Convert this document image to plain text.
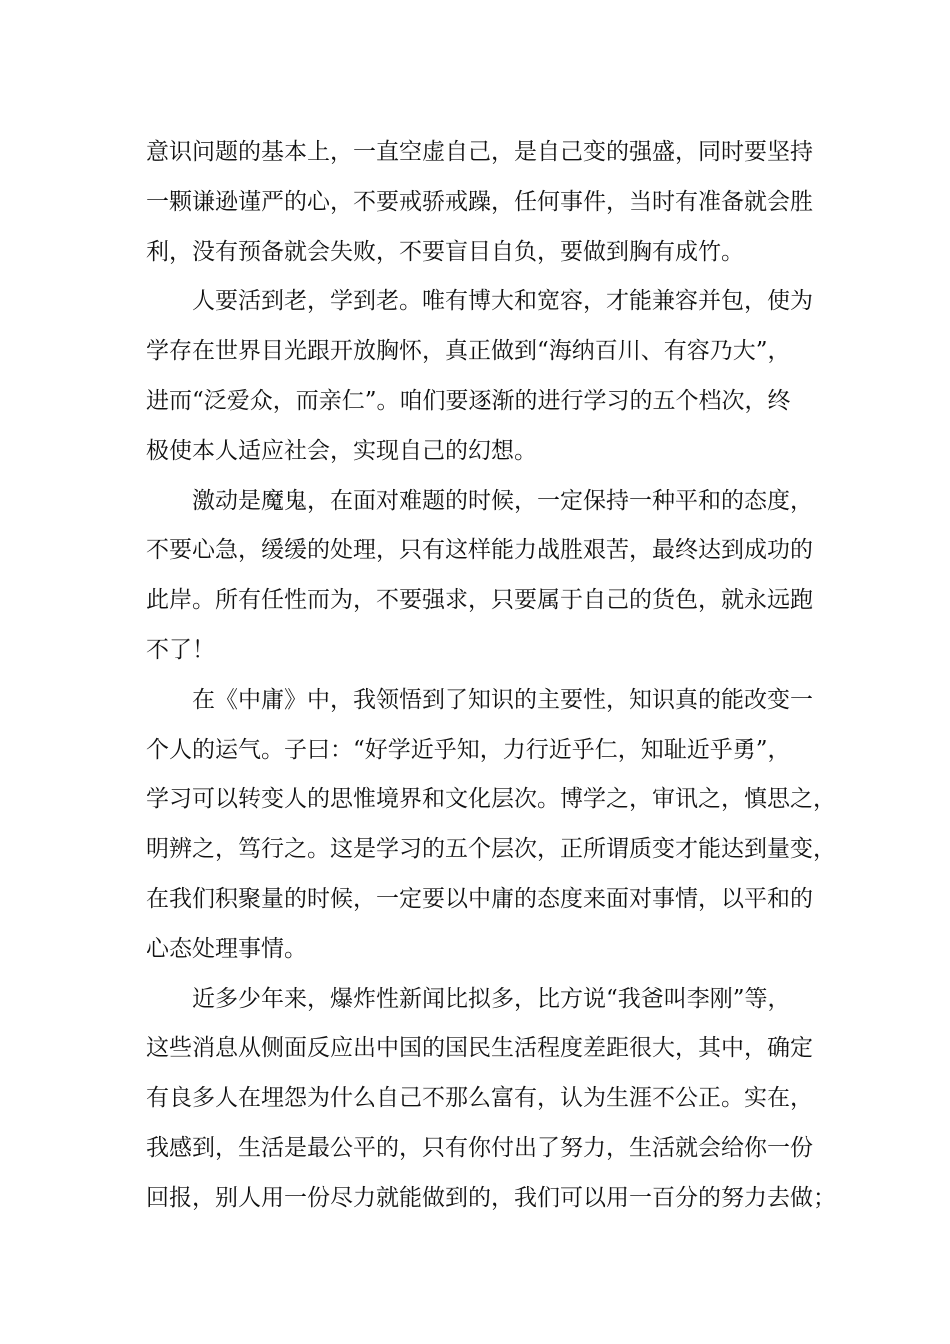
意识问题的基本上，一直空虚自己，是自己变的强盛，同时要坚持
一颗谦逊谨严的心，不要戒骄戒躁，任何事件，当时有准备就会胜
利，没有预备就会失败，不要盲目自负，要做到胸有成竹。
人要活到老，学到老。唯有博大和宽容，才能兼容并包，使为
学存在世界目光跟开放胸怀，真正做到“海纳百川、有容乃大”，
进而“泛爱众，而亲仁”。咱们要逐渐的进行学习的五个档次，终
极使本人适应社会，实现自己的幻想。
激动是魔鬼，在面对难题的时候，一定保持一种平和的态度，
不要心急，缓缓的处理，只有这样能力战胜艰苦，最终达到成功的
此岸。所有任性而为，不要强求，只要属于自己的货色，就永远跑
不了！
在《中庸》中，我领悟到了知识的主要性，知识真的能改变一
个人的运气。子曰：“好学近乎知，力行近乎仁，知耻近乎勇”，
学习可以转变人的思惟境界和文化层次。博学之，审讯之，慎思之，
明辨之，笃行之。这是学习的五个层次，正所谓质变才能达到量变，
在我们积聚量的时候，一定要以中庸的态度来面对事情，以平和的
心态处理事情。
近多少年来，爆炸性新闻比拟多，比方说“我爸叫李刚”等，
这些消息从侧面反应出中国的国民生活程度差距很大，其中，确定
有良多人在埋怨为什么自己不那么富有，认为生涯不公正。实在，
我感到，生活是最公平的，只有你付出了努力，生活就会给你一份
回报，别人用一份尽力就能做到的，我们可以用一百分的努力去做；
